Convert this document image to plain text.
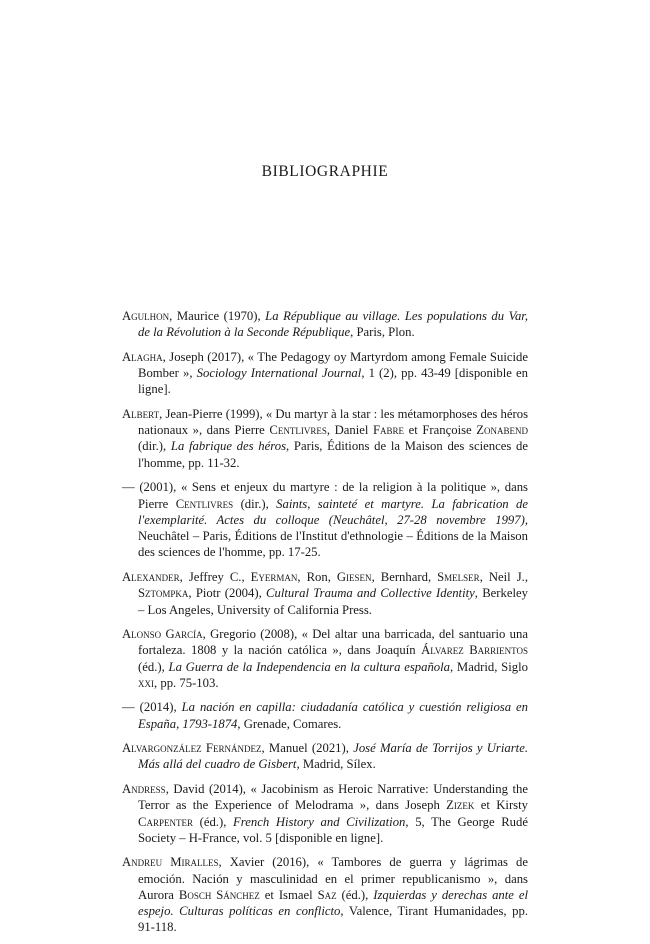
BIBLIOGRAPHIE

Agulhon, Maurice (1970), La République au village. Les populations du Var, de la Révolution à la Seconde République, Paris, Plon.

Alagha, Joseph (2017), « The Pedagogy oy Martyrdom among Female Suicide Bomber », Sociology International Journal, 1 (2), pp. 43-49 [disponible en ligne].

Albert, Jean-Pierre (1999), « Du martyr à la star : les métamorphoses des héros nationaux », dans Pierre Centlivres, Daniel Fabre et Françoise Zonabend (dir.), La fabrique des héros, Paris, Éditions de la Maison des sciences de l'homme, pp. 11-32.

— (2001), « Sens et enjeux du martyre : de la religion à la politique », dans Pierre Centlivres (dir.), Saints, sainteté et martyre. La fabrication de l'exemplarité. Actes du colloque (Neuchâtel, 27-28 novembre 1997), Neuchâtel – Paris, Éditions de l'Institut d'ethnologie – Éditions de la Maison des sciences de l'homme, pp. 17-25.

Alexander, Jeffrey C., Eyerman, Ron, Giesen, Bernhard, Smelser, Neil J., Sztompka, Piotr (2004), Cultural Trauma and Collective Identity, Berkeley – Los Angeles, University of California Press.

Alonso García, Gregorio (2008), « Del altar una barricada, del santuario una fortaleza. 1808 y la nación católica », dans Joaquín Álvarez Barrientos (éd.), La Guerra de la Independencia en la cultura española, Madrid, Siglo xxi, pp. 75-103.

— (2014), La nación en capilla: ciudadanía católica y cuestión religiosa en España, 1793-1874, Grenade, Comares.

Alvargonzález Fernández, Manuel (2021), José María de Torrijos y Uriarte. Más allá del cuadro de Gisbert, Madrid, Sílex.

Andress, David (2014), « Jacobinism as Heroic Narrative: Understanding the Terror as the Experience of Melodrama », dans Joseph Zizek et Kirsty Carpenter (éd.), French History and Civilization, 5, The George Rudé Society – H-France, vol. 5 [disponible en ligne].

Andreu Miralles, Xavier (2016), « Tambores de guerra y lágrimas de emoción. Nación y masculinidad en el primer republicanismo », dans Aurora Bosch Sánchez et Ismael Saz (éd.), Izquierdas y derechas ante el espejo. Culturas políticas en conflicto, Valence, Tirant Humanidades, pp. 91-118.
